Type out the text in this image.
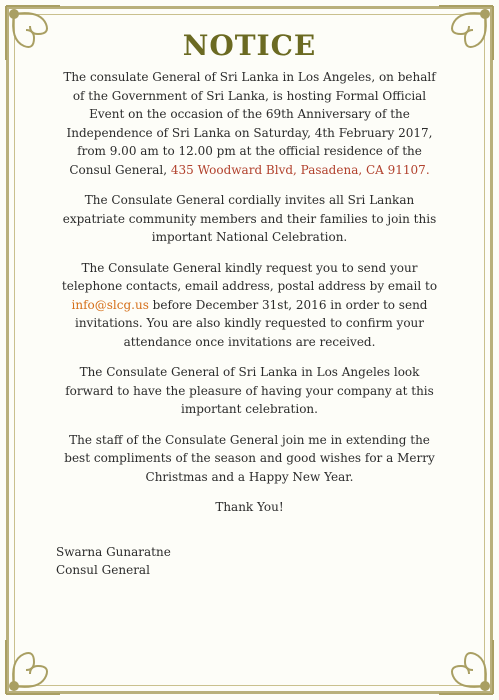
NOTICE

The consulate General of Sri Lanka in Los Angeles, on behalf of the Government of Sri Lanka, is hosting Formal Official Event on the occasion of the 69th Anniversary of the Independence of Sri Lanka on Saturday, 4th February 2017, from 9.00 am to 12.00 pm at the official residence of the Consul General, 435 Woodward Blvd, Pasadena, CA 91107.

The Consulate General cordially invites all Sri Lankan expatriate community members and their families to join this important National Celebration.

The Consulate General kindly request you to send your telephone contacts, email address, postal address by email to info@slcg.us before December 31st, 2016 in order to send invitations. You are also kindly requested to confirm your attendance once invitations are received.

The Consulate General of Sri Lanka in Los Angeles look forward to have the pleasure of having your company at this important celebration.

The staff of the Consulate General join me in extending the best compliments of the season and good wishes for a Merry Christmas and a Happy New Year.

Thank You!

Swarna Gunaratne
Consul General
